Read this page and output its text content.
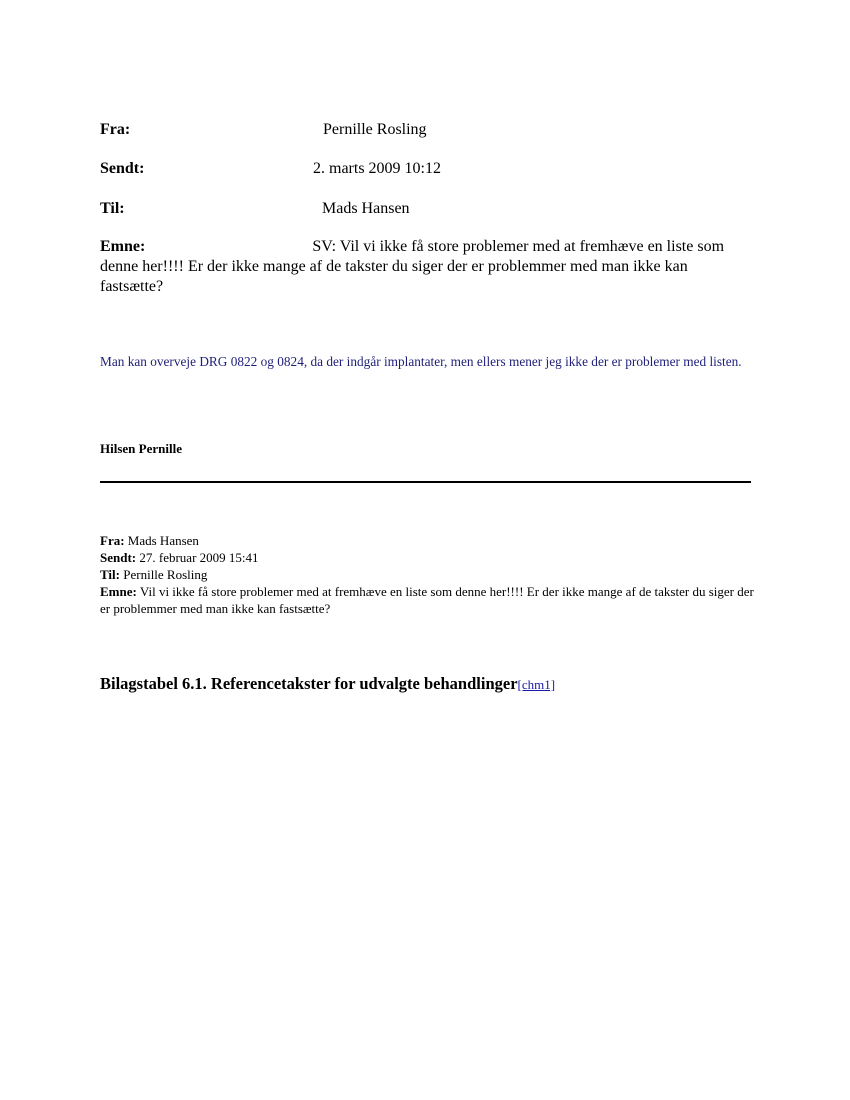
Fra:	Pernille Rosling
Sendt:	2. marts 2009 10:12
Til:	Mads Hansen
Emne:	SV: Vil vi ikke få store problemer med at fremhæve en liste som denne her!!!! Er der ikke mange af de takster du siger der er problemmer med man ikke kan fastsætte?
Man kan overveje DRG 0822 og 0824, da der indgår implantater, men ellers mener jeg ikke der er problemer med listen.
Hilsen Pernille
Fra: Mads Hansen
Sendt: 27. februar 2009 15:41
Til: Pernille Rosling
Emne: Vil vi ikke få store problemer med at fremhæve en liste som denne her!!!! Er der ikke mange af de takster du siger der er problemmer med man ikke kan fastsætte?
Bilagstabel 6.1. Referencetakster for udvalgte behandlinger[chm1]
